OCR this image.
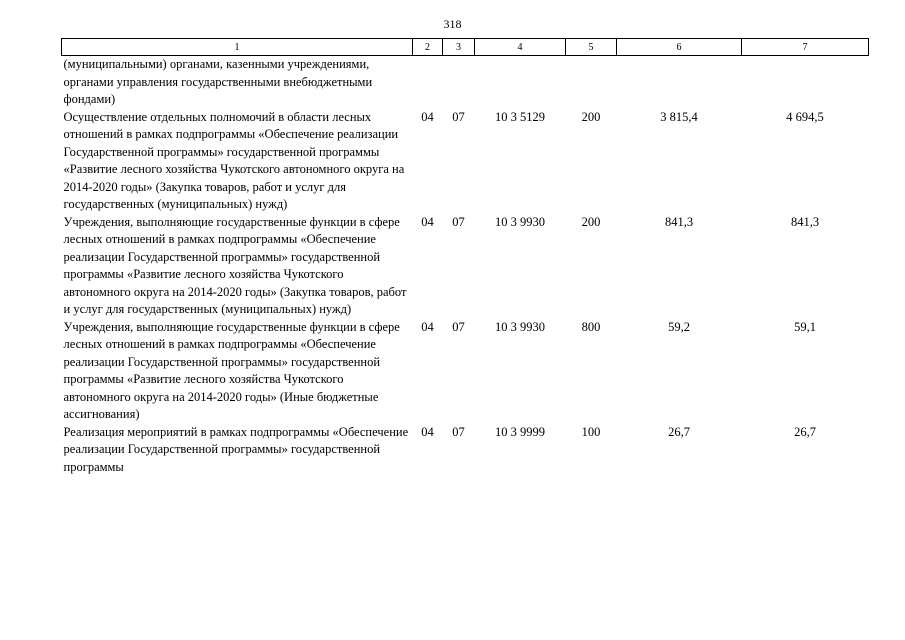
318
1	2	3	4	5	6	7
(муниципальными) органами, казенными учреждениями, органами управления государственными внебюджетными фондами)						
Осуществление отдельных полномочий в области лесных отношений в рамках подпрограммы «Обеспечение реализации Государственной программы» государственной программы «Развитие лесного хозяйства Чукотского автономного округа на 2014-2020 годы» (Закупка товаров, работ и услуг для государственных (муниципальных) нужд)	04	07	10 3 5129	200	3 815,4	4 694,5
Учреждения, выполняющие государственные функции в сфере лесных отношений в рамках подпрограммы «Обеспечение реализации Государственной программы» государственной программы «Развитие лесного хозяйства Чукотского автономного округа на 2014-2020 годы» (Закупка товаров, работ и услуг для государственных (муниципальных) нужд)	04	07	10 3 9930	200	841,3	841,3
Учреждения, выполняющие государственные функции в сфере лесных отношений в рамках подпрограммы «Обеспечение реализации Государственной программы» государственной программы «Развитие лесного хозяйства Чукотского автономного округа на 2014-2020 годы» (Иные бюджетные ассигнования)	04	07	10 3 9930	800	59,2	59,1
Реализация мероприятий в рамках подпрограммы «Обеспечение реализации Государственной программы» государственной программы	04	07	10 3 9999	100	26,7	26,7
